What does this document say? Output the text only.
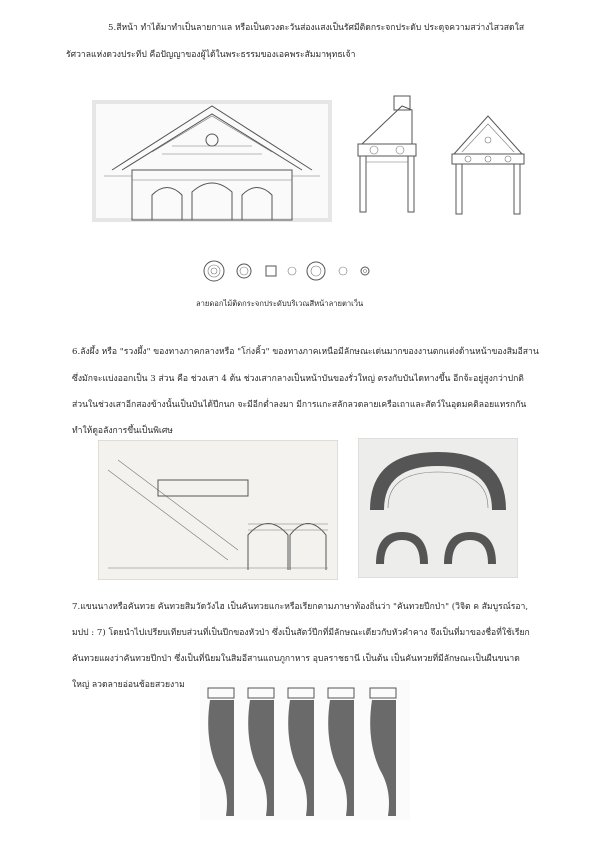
5.สีหน้า ทำได้มาทำเป็นลายกาแล หรือเป็นดวงตะวันส่องแสงเป็นรัศมีติดกระจกประดับ ประดุจความสว่างไสวสดใส
รัศวาลแห่งดวงประทีป คือปัญญาของผู้ได้ในพระธรรมของเอคพระสัมมาพุทธเจ้า
ลายดอกไม้ติดกระจกประดับบริเวณสีหน้าลายตาเว็น
6.ลังผึ้ง หรือ "รวงผึ้ง" ของทางภาคกลางหรือ "โก่งคิ้ว" ของทางภาคเหนือมีลักษณะเด่นมากของงานตกแต่งด้านหน้าของสิมอีสาน
ซึ่งมักจะแบ่งออกเป็น 3 ส่วน คือ ช่วงเสา 4 ต้น ช่วงเสากลางเป็นหน้าบันของรั่วใหญ่ ตรงกับบันไดทางขึ้น อีกจ้ะอยู่สูงกว่าปกติ
ส่วนในช่วงเสาอีกสองข้างนั้นเป็นบันได้ปีกนก จะมีอีกต่ำลงมา มีการแกะสลักลวดลายเครือเถาและสัตว์ในอุดมคติลอยแทรกกัน
ทำให้ดูอลังการขึ้นเป็นพิเศษ
7.แขนนางหรือคันทวย คันทวยสิมวัดวังไฮ เป็นคันทวยแกะหรือเรียกตามภาษาท้องถิ่นว่า "คันทวยปีกป่า" (วิจิต ค สัมบูรณ์รอา,
มปป : 7) โดยนำไปเปรียบเทียบส่วนที่เป็นปีกของหัวป่า ซึ่งเป็นสัตว์ปีกที่มีลักษณะเดียวกับหัวคำคาง จึงเป็นที่มาของชื่อที่ใช้เรียก
คันทวยแผงว่าคันทวยปีกป่า ซึ่งเป็นที่นิยมในสิมอีสานแถบภูกาหาร อุบลราชธานี เป็นต้น เป็นคันทวยที่มีลักษณะเป็นผืนขนาด
ใหญ่ ลวดลายอ่อนช้อยสวยงาม
